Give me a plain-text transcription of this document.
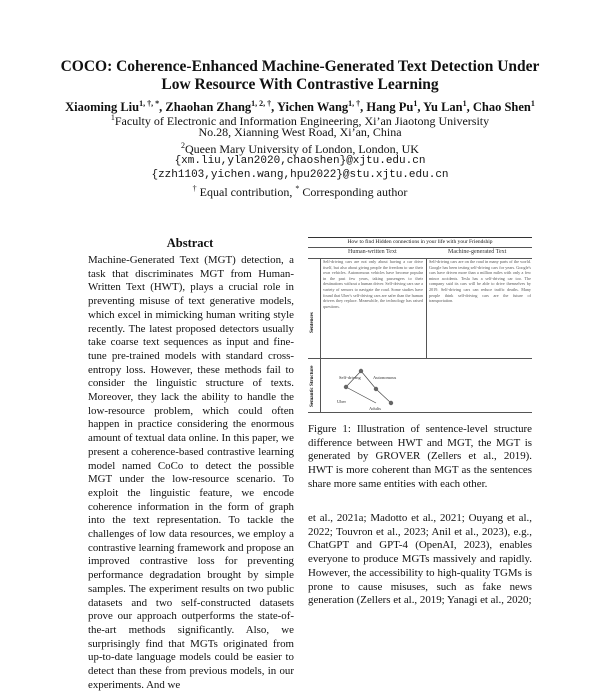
COCO: Coherence-Enhanced Machine-Generated Text Detection Under
Low Resource With Contrastive Learning
Xiaoming Liu$^{1, \dagger, *}$, Zhaohan Zhang$^{1, 2, \dagger}$, Yichen Wang$^{1, \dagger}$, Hang Pu$^1$, Yu Lan$^1$, Chao Shen$^1$
$^1$Faculty of Electronic and Information Engineering, Xi’an Jiaotong University
No.28, Xianning West Road, Xi’an, China
$^2$Queen Mary University of London, London, UK
{xm.liu,ylan2020,chaoshen}@xjtu.edu.cn
{zzh1103,yichen.wang,hpu2022}@stu.xjtu.edu.cn
† Equal contribution, * Corresponding author
Abstract
Machine-Generated Text (MGT) detection, a task that discriminates MGT from Human-Written Text (HWT), plays a crucial role in preventing misuse of text generative models, which excel in mimicking human writing style recently. The latest proposed detectors usually take coarse text sequences as input and fine-tune pre-trained models with standard cross-entropy loss. However, these methods fail to consider the linguistic structure of texts. Moreover, they lack the ability to handle the low-resource problem, which could often happen in practice considering the enormous amount of textual data online. In this paper, we present a coherence-based contrastive learning model named CoCo to detect the possible MGT under the low-resource scenario. To exploit the linguistic feature, we encode coherence information in the form of graph into the text representation. To tackle the challenges of low data resources, we employ a contrastive learning framework and propose an improved contrastive loss for preventing performance degradation brought by simple samples. The experiment results on two public datasets and two self-constructed datasets prove our approach outperforms the state-of-the-art methods significantly. Also, we surprisingly find that MGTs originated from up-to-date language models could be easier to detect than these from previous models, in our experiments. And we
How to find Hidden connections in your life with your Friendship
Human-written Text	Machine-generated Text
Sentences
Semantic Structure
Self-driving cars are not only about having a car drive itself, but also about giving people the freedom to use their own vehicles. Autonomous vehicles have become popular in the past few years, taking passengers to their destinations without a human driver. Self-driving cars use a variety of sensors to navigate the road. Some studies have found that Uber's self-driving cars are safer than the human drivers they replace. Meanwhile, the technology has raised questions.
Self-driving cars are on the road in many parts of the world. Google has been testing self-driving cars for years. Google's cars have driven more than a million miles with only a few minor accidents. Tesla has a self-driving car too. The company said its cars will be able to drive themselves by 2019. Self-driving cars can reduce traffic deaths. Many people think self-driving cars are the future of transportation.
Self-driving	Autonomous
Uber
Adults
Figure 1: Illustration of sentence-level structure difference between HWT and MGT, the MGT is generated by GROVER (Zellers et al., 2019). HWT is more coherent than MGT as the sentences share more same entities with each other.
et al., 2021a; Madotto et al., 2021; Ouyang et al., 2022; Touvron et al., 2023; Anil et al., 2023), e.g., ChatGPT and GPT-4 (OpenAI, 2023), enables everyone to produce MGTs massively and rapidly. However, the accessibility to high-quality TGMs is prone to cause misuses, such as fake news generation (Zellers et al., 2019; Yanagi et al., 2020;
